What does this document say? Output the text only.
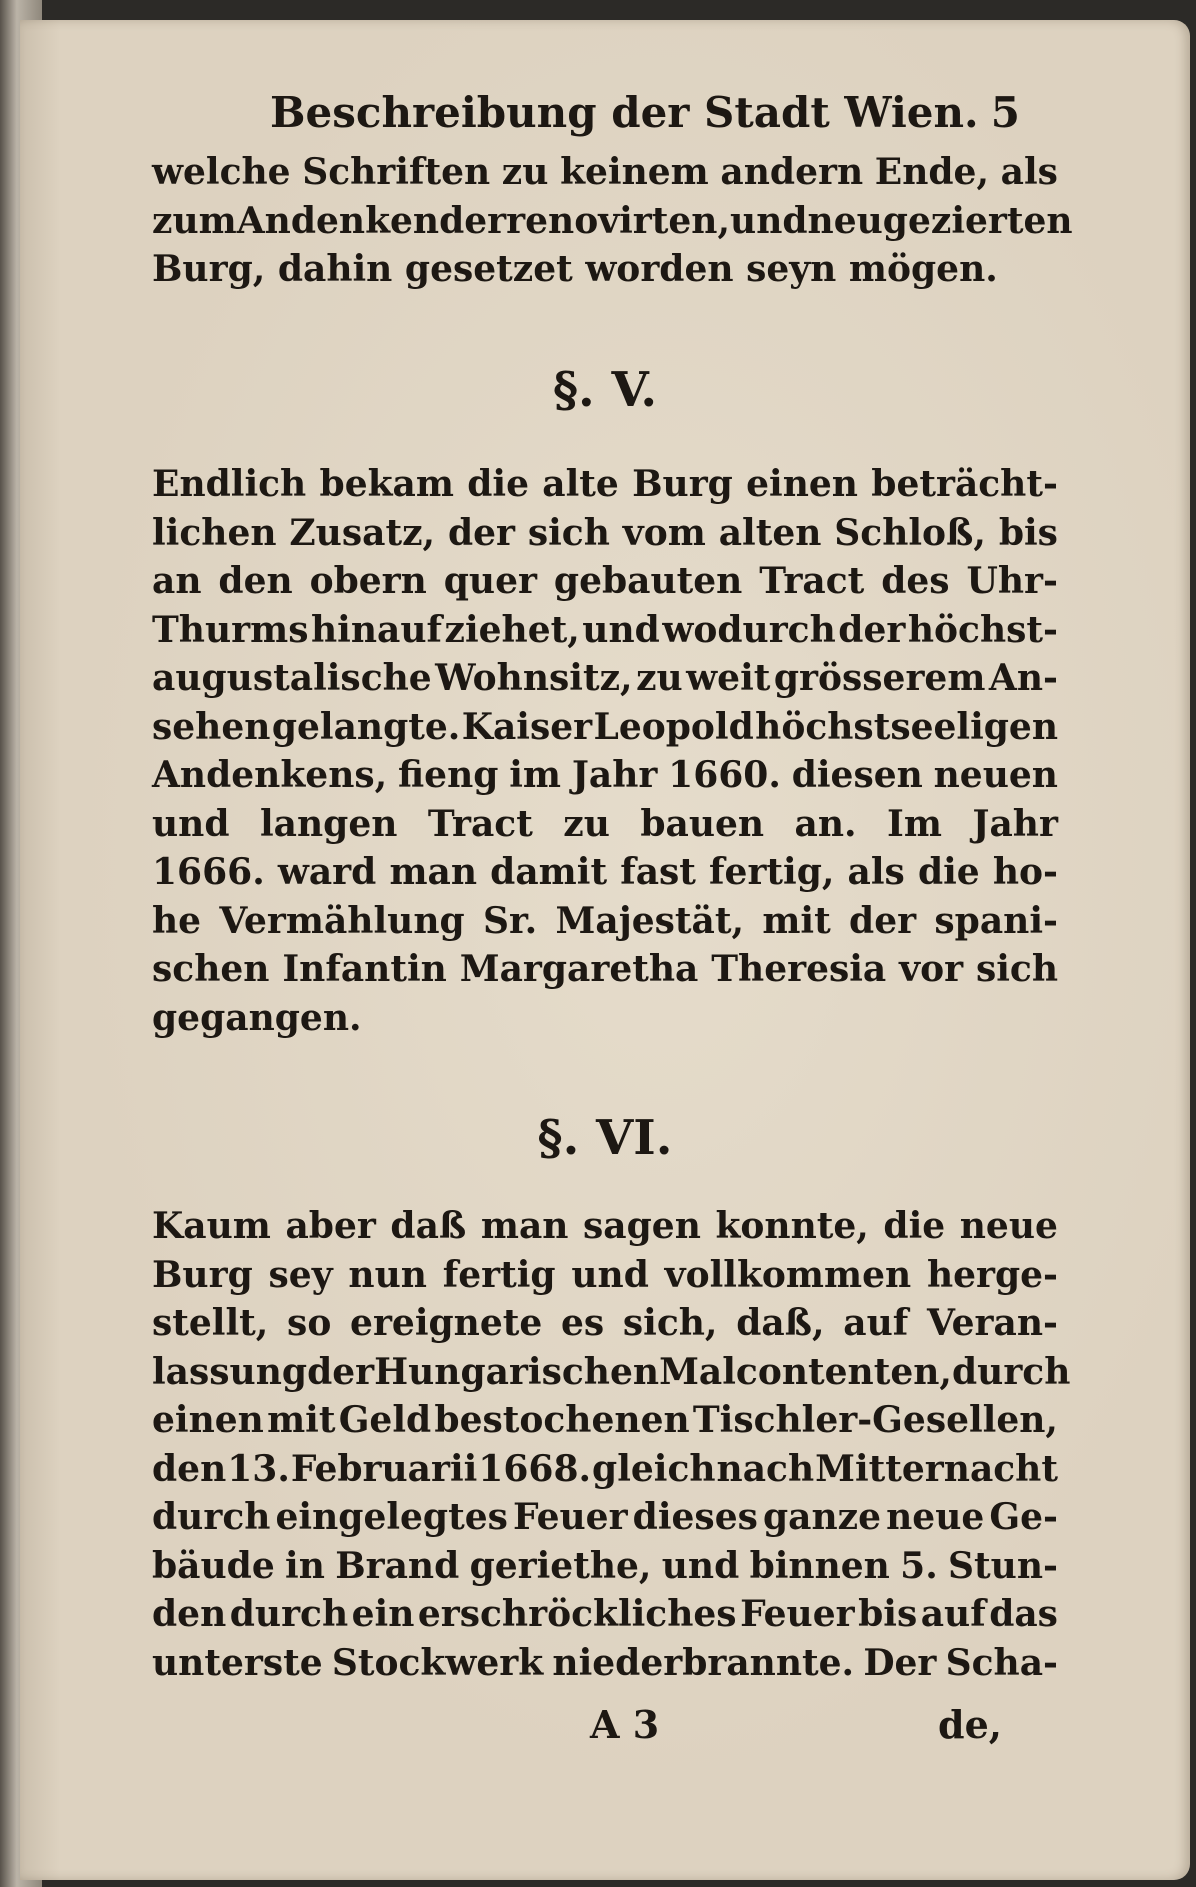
Beschreibung der Stadt Wien. 5
welche Schriften zu keinem andern Ende, als
zum Andenken der renovirten, und neugezierten
Burg,
dahin
gesetzet
worden
seyn
mögen.

§. V.
Endlich bekam die alte Burg einen beträcht-
lichen Zusatz, der sich vom alten Schloß, bis
an den obern quer gebauten Tract des Uhr-
Thurms hinauf ziehet, und wodurch der höchst-
augustalische Wohnsitz, zu weit grösserem An-
sehen gelangte. Kaiser Leopold höchstseeligen
Andenkens, fieng im Jahr 1660. diesen neuen
und langen Tract zu bauen an. Im Jahr
1666. ward man damit fast fertig, als die ho-
he Vermählung Sr. Majestät, mit der spani-
schen Infantin Margaretha Theresia vor sich
gegangen.

§. VI.
Kaum aber daß man sagen konnte, die neue
Burg sey nun fertig und vollkommen herge-
stellt, so ereignete es sich, daß, auf Veran-
lassung der Hungarischen Malcontenten, durch
einen mit Geld bestochenen Tischler-Gesellen,
den 13. Februarii 1668. gleich nach Mitternacht
durch eingelegtes Feuer dieses ganze neue Ge-
bäude in Brand geriethe, und binnen 5. Stun-
den durch ein erschröckliches Feuer bis auf das
unterste Stockwerk niederbrannte. Der Scha-
A 3	de,
